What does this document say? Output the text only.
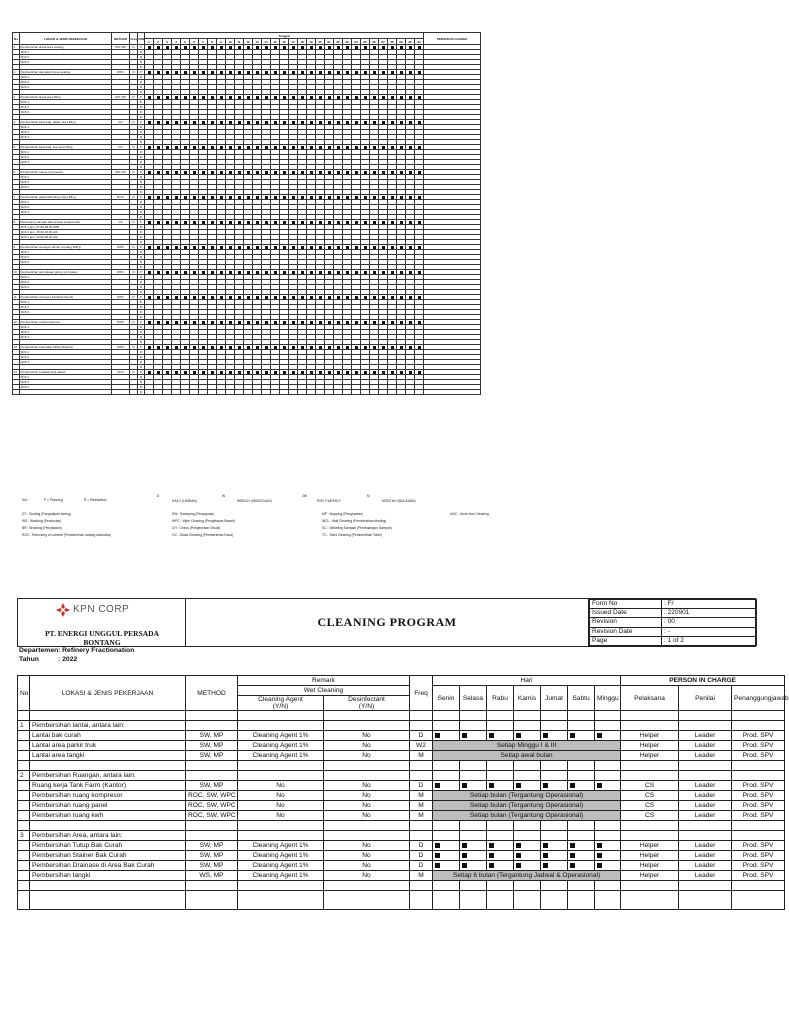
No	LOKASI & JENIS PEKERJAAN	METHOD	Freq	R/W	Tanggal																															PERSON IN CHARGE
					1	2	3	4	5	6	7	8	9	10	11	12	13	14	15	16	17	18	19	20	21	22	23	24	25	26	27	28	29	30	31	
1	Pembersihan lantai area sealing	SW, MP	D	P																																
	Shift 1			R																																
	Shift 2			R																																
	Shift 3			R																																
				R																																
2	Pembersihan alat-alat di area sealing	WPC	D	P																																
	Shift 1			R																																
	Shift 2			R																																
	Shift 3			R																																
				R																																
3	Pembersihan lantai area filling	SW, MP	D	P																																
	Shift 1			R																																
	Shift 2			R																																
	Shift 3			R																																
				R																																
4	Pembersihan kaca bag. dalam area filling	GC	D	P																																
	Shift 1			R																																
	Shift 2			R																																
	Shift 3			R																																
				R																																
5	Pembersihan kaca bag. luar area filling	GC	D	P																																
	Shift 1			R																																
	Shift 2			R																																
	Shift 3			R																																
				R																																
6	Pembersihan ruang compressor	SW, MP	D	P																																
	Shift 1			R																																
	Shift 2			R																																
	Shift 3			R																																
				R																																
7	Pembersihan plafond/dinding ruang filling	ROC	D	P																																
	Shift 1			R																																
	Shift 2			R																																
	Shift 3			R																																
				R																																
8	Membuang sampah dari tempat sampah luar	CS	D	P																																
	Shift 1 jam: 07.00-08.00 WIB			R																																
	Shift 2 jam: 15.00-16.00 wib			R																																
	Shift 3 jam: 23.00-00.00 wib			R																																
				R																																
9	Pembersihan conveyor lampu di ruang Filling	WPC	D	P																																
	Shift 1			R																																
	Shift 2			R																																
	Shift 3			R																																
				R																																
10	Pembersihan permukaan piping oil & water	WPC	D	P																																
	Shift 1			R																																
	Shift 2			R																																
	Shift 3			R																																
				R																																
11	Pembersihan conveyor Finished Goods	WPC	D	P																																
	Shift 1			R																																
	Shift 2			R																																
	Shift 3			R																																
				R																																
12	Pembersihan Cartoon Erector	WPC	D	P																																
	Shift 1			R																																
	Shift 2			R																																
	Shift 3			R																																
				R																																
13	Pembersihan Automatic Filling Machine	WPC	D	P																																
	Shift 1			R																																
	Shift 2			R																																
	Shift 3			R																																
				R																																
14	Pembersihan instalasi pipa dalam	UNC	D	P																																
	Shift 1			R																																
	Shift 2			R																																
	Shift 3			R																																
				R																																
Ket :	P = Planning	R = Realisation
D
DAILY (HARIAN)
W
WEEKLY (MINGGUAN)
2W
PER 2 WEEKLY
M
MONTHLY(BULANAN)
DT : Dusting (Pengelapan kering)
WS : Washing (Pencucian)
BR : Brushing (Penyikatan)
ROC : Removing of cobweb (Pembersihan sarang laba-laba)
SW : Sweeping (Penyapuan)
WPC : Wipe Cleaning (Pengelapan Basah)
CH : Check (Pengecekan Visual)
GC : Glass Cleaning (Pembersihan Kaca)
MP : Mopping (Pengepelan)
WCL : Wall Cleaning (Pembersihan dinding)
SC : Sekleting Sampah (Pembuangan Sampah)
TC : Toilet Cleaning (Pembersihan Toilet)
UNC : Urine Non Cleaning
KPN CORP
PT. ENERGI UNGGUL PERSADA
BONTANG
	CLEANING PROGRAM	
Form No	: F/
Issued Date	: 220901
Revision	: 00
Revision Date	: -
Page	: 1 of 2
Departemen : Refinery Fractionation
Tahun	: 2022
No	LOKASI & JENIS PEKERJAAN	METHOD	Remark		Freq	Hari							PERSON IN CHARGE		
			Wet Cleaning			Senin	Selasa	Rabu	Kamis	Jumat	Sabtu	Minggu	Pelaksana	Penilai	Penanggungjawab
			Cleaning Agent
(Y/N)	Desinfectant
(Y/N)											

1	Pembersihan lantai, antara lain:														
	Lantai bak curah	SW, MP	Cleaning Agent 1%	No	D								Helper	Leader	Prod. SPV
	Lantai area parkir truk	SW, MP	Cleaning Agent 1%	No	W2	Setiap Minggu I & III							Helper	Leader	Prod. SPV
	Lantai area tangki	SW, MP	Cleaning Agent 1%	No	M	Setiap awal bulan							Helper	Leader	Prod. SPV

2	Pembersihan Ruangan, antara lain:														
	Ruang kerja Tank Farm (Kantor)	SW, MP	No	No	D								CS	Leader	Prod. SPV
	Pembersihan ruang kompresor	ROC, SW, WPC	No	No	M	Setiap bulan (Tergantung Operasional)							CS	Leader	Prod. SPV
	Pembersihan ruang panel	ROC, SW, WPC	No	No	M	Setiap bulan (Tergantung Operasional)							CS	Leader	Prod. SPV
	Pembersihan ruang kwh	ROC, SW, WPC	No	No	M	Setiap bulan (Tergantung Operasional)							CS	Leader	Prod. SPV

3	Pembersihan Area, antara lain:														
	Pembersihan Tutup Bak Curah	SW, MP	Cleaning Agent 1%	No	D								Helper	Leader	Prod. SPV
	Pembersihan Stainer Bak Curah	SW, MP	Cleaning Agent 1%	No	D								Helper	Leader	Prod. SPV
	Pembersihan Drainase di Area Bak Curah	SW, MP	Cleaning Agent 1%	No	D								Helper	Leader	Prod. SPV
	Pembersihan tangki	WS, MP	Cleaning Agent 1%	No	M	Setiap 6 bulan (Tergantung Jadwal & Operasional)							Helper	Leader	Prod. SPV
